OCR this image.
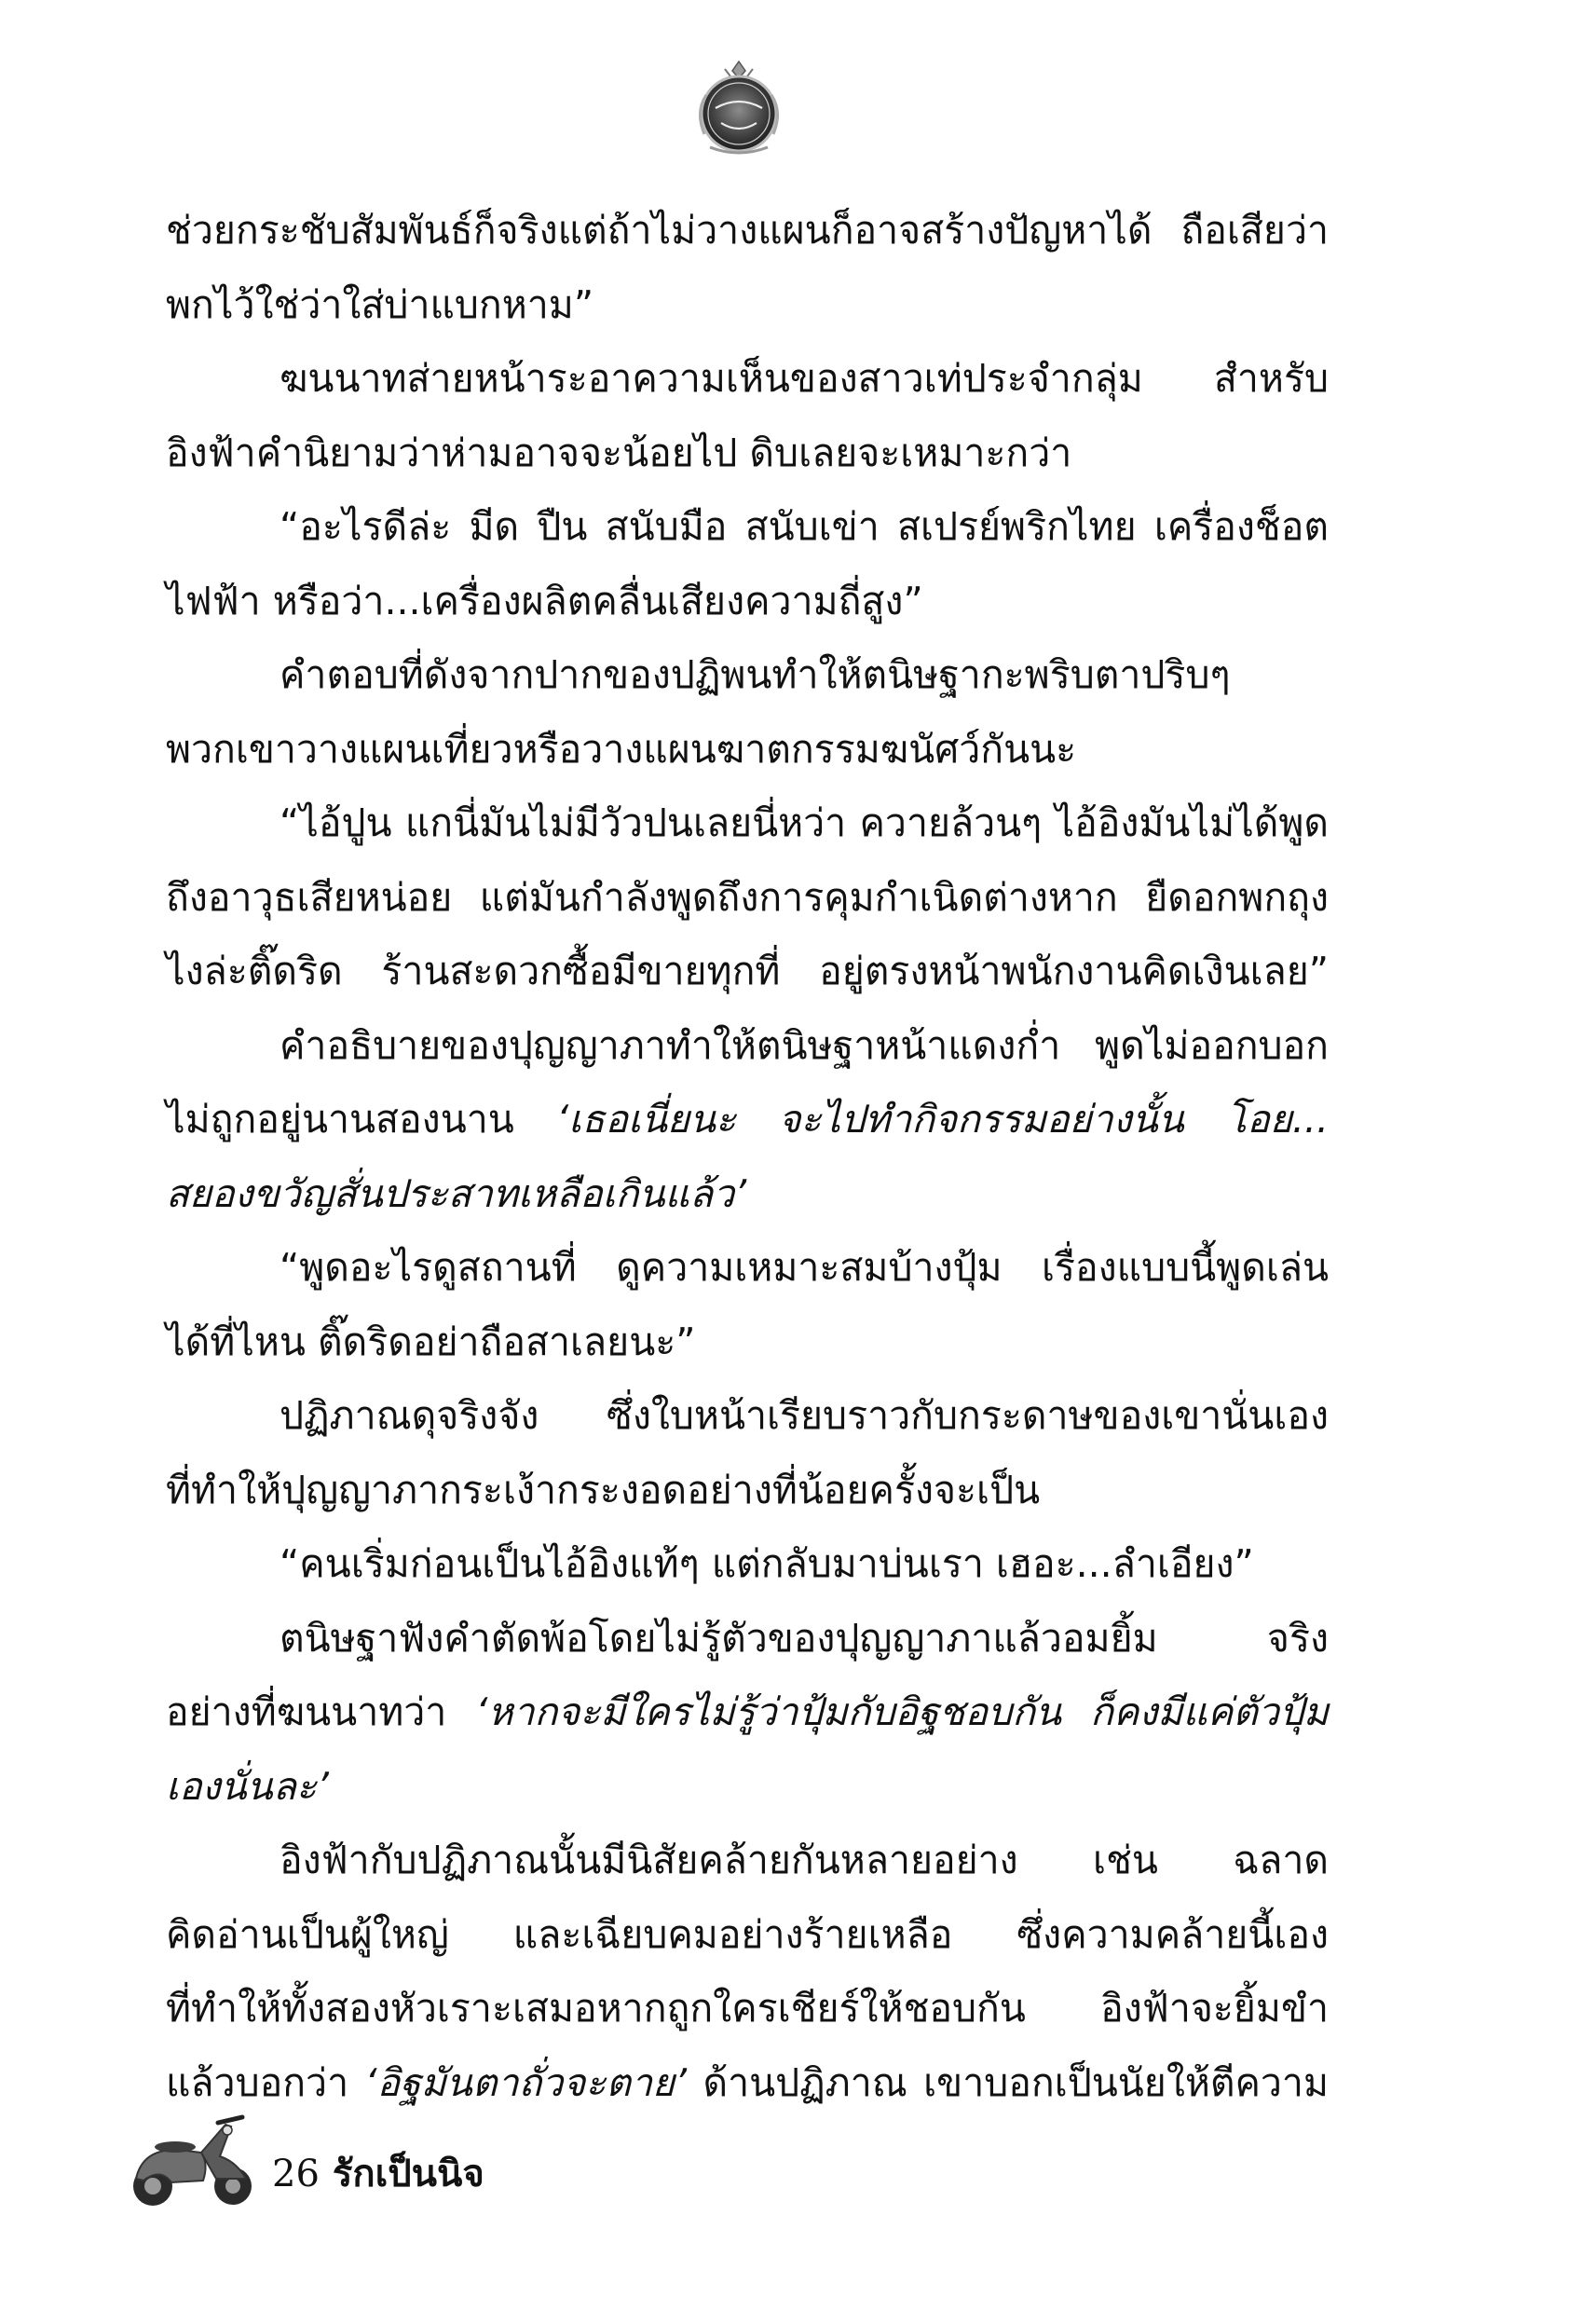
ช่วยกระชับสัมพันธ์ก็จริงแต่ถ้าไม่วางแผนก็อาจสร้างปัญหาได้ ถือเสียว่า
พกไว้ใช่ว่าใส่บ่าแบกหาม”
ฆนนาทส่ายหน้าระอาความเห็นของสาวเท่ประจำกลุ่ม สำหรับ
อิงฟ้าคำนิยามว่าห่ามอาจจะน้อยไป ดิบเลยจะเหมาะกว่า
“อะไรดีล่ะ มีด ปืน สนับมือ สนับเข่า สเปรย์พริกไทย เครื่องช็อต
ไฟฟ้า หรือว่า...เครื่องผลิตคลื่นเสียงความถี่สูง”
คำตอบที่ดังจากปากของปฏิพนทำให้ตนิษฐากะพริบตาปริบๆ
พวกเขาวางแผนเที่ยวหรือวางแผนฆาตกรรมฆนัศว์กันนะ
“ไอ้ปูน แกนี่มันไม่มีวัวปนเลยนี่หว่า ควายล้วนๆ ไอ้อิงมันไม่ได้พูด
ถึงอาวุธเสียหน่อย แต่มันกำลังพูดถึงการคุมกำเนิดต่างหาก ยืดอกพกถุง
ไงล่ะติ๊ดริด ร้านสะดวกซื้อมีขายทุกที่ อยู่ตรงหน้าพนักงานคิดเงินเลย”
คำอธิบายของปุญญาภาทำให้ตนิษฐาหน้าแดงก่ำ พูดไม่ออกบอก
ไม่ถูกอยู่นานสองนาน ‘เธอเนี่ยนะ จะไปทำกิจกรรมอย่างนั้น โอย...
สยองขวัญสั่นประสาทเหลือเกินแล้ว’
“พูดอะไรดูสถานที่ ดูความเหมาะสมบ้างปุ้ม เรื่องแบบนี้พูดเล่น
ได้ที่ไหน ติ๊ดริดอย่าถือสาเลยนะ”
ปฏิภาณดุจริงจัง ซึ่งใบหน้าเรียบราวกับกระดาษของเขานั่นเอง
ที่ทำให้ปุญญาภากระเง้ากระงอดอย่างที่น้อยครั้งจะเป็น
“คนเริ่มก่อนเป็นไอ้อิงแท้ๆ แต่กลับมาบ่นเรา เฮอะ...ลำเอียง”
ตนิษฐาฟังคำตัดพ้อโดยไม่รู้ตัวของปุญญาภาแล้วอมยิ้ม จริง
อย่างที่ฆนนาทว่า ‘หากจะมีใครไม่รู้ว่าปุ้มกับอิฐชอบกัน ก็คงมีแค่ตัวปุ้ม
เองนั่นละ’
อิงฟ้ากับปฏิภาณนั้นมีนิสัยคล้ายกันหลายอย่าง เช่น ฉลาด
คิดอ่านเป็นผู้ใหญ่ และเฉียบคมอย่างร้ายเหลือ ซึ่งความคล้ายนี้เอง
ที่ทำให้ทั้งสองหัวเราะเสมอหากถูกใครเชียร์ให้ชอบกัน อิงฟ้าจะยิ้มขำ
แล้วบอกว่า ‘อิฐมันตาถั่วจะตาย’ ด้านปฏิภาณ เขาบอกเป็นนัยให้ตีความ
26 รักเป็นนิจ
